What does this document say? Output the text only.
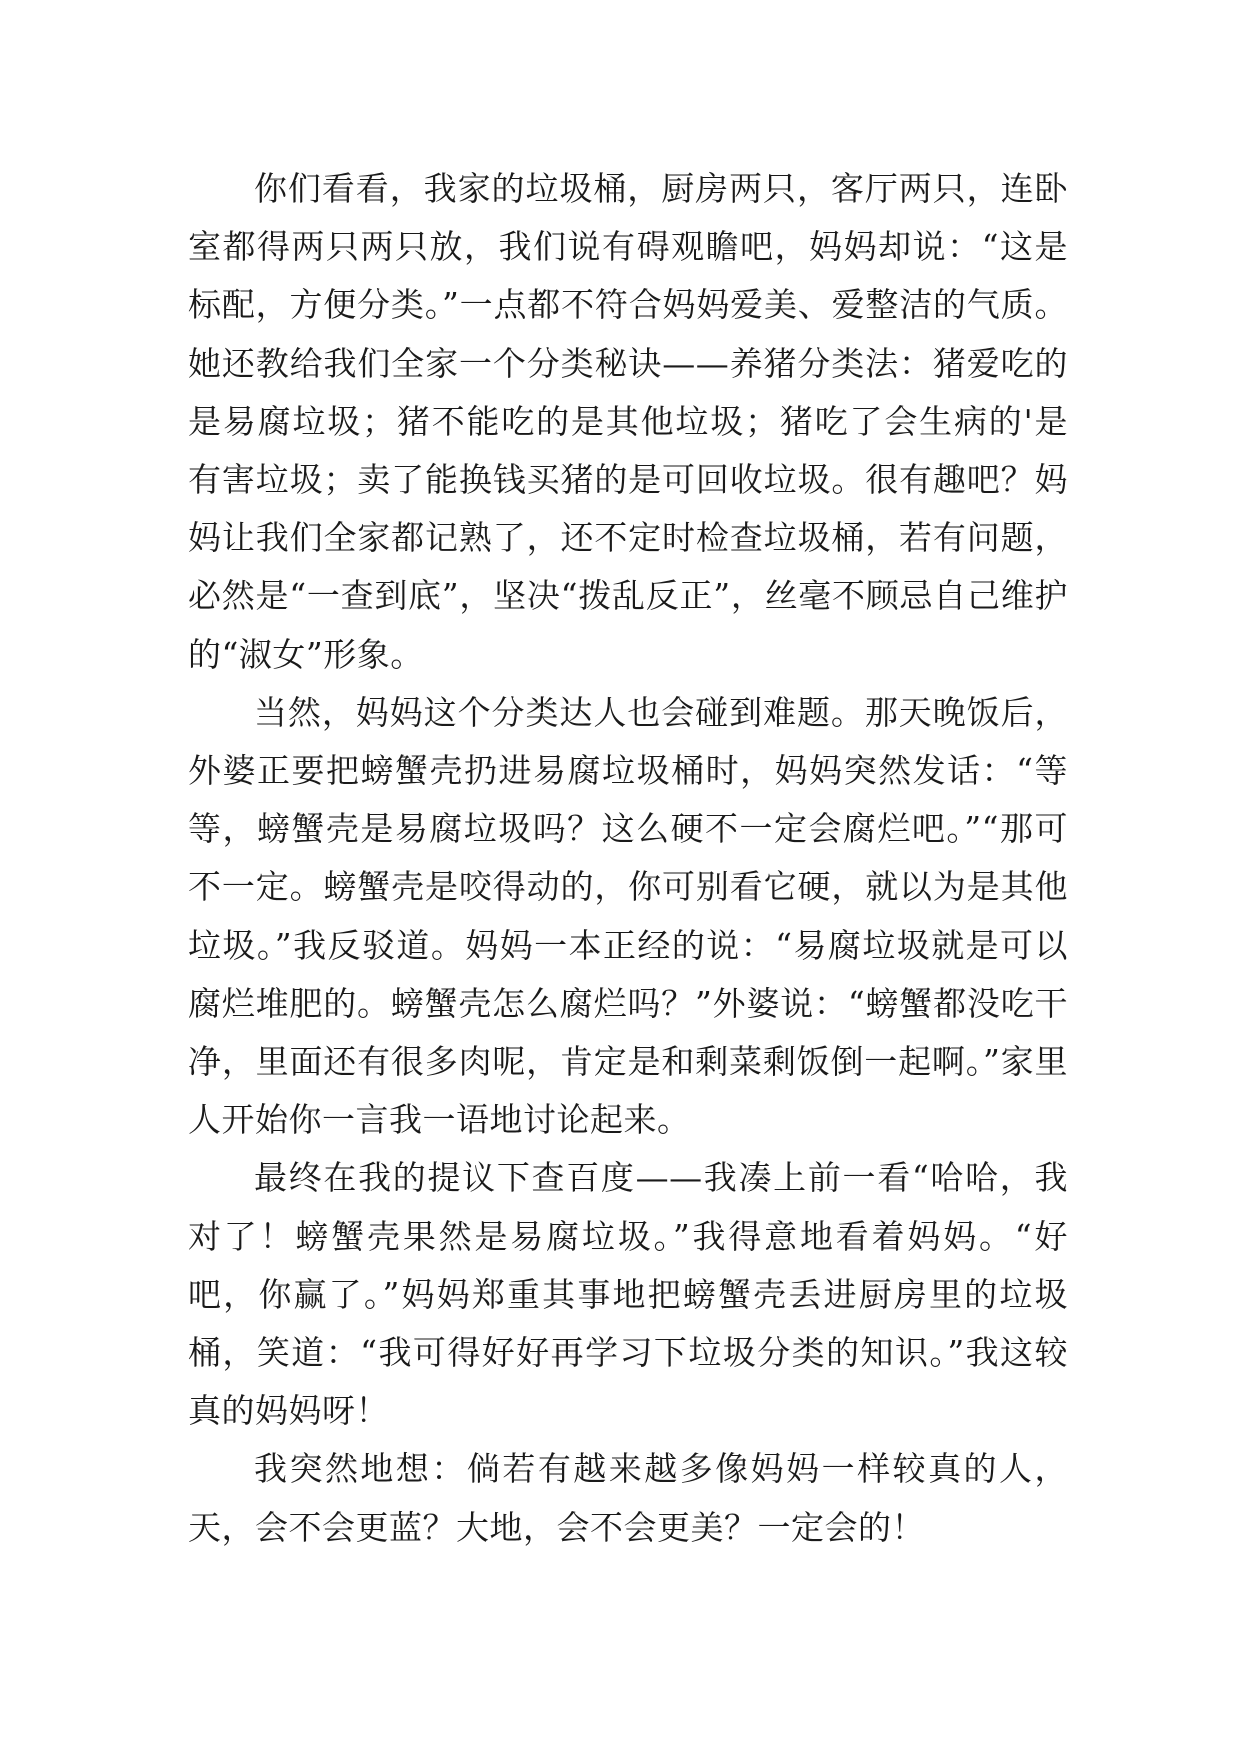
你们看看，我家的垃圾桶，厨房两只，客厅两只，连卧室都得两只两只放，我们说有碍观瞻吧，妈妈却说：“这是标配，方便分类。”一点都不符合妈妈爱美、爱整洁的气质。她还教给我们全家一个分类秘诀——养猪分类法：猪爱吃的是易腐垃圾；猪不能吃的是其他垃圾；猪吃了会生病的'是有害垃圾；卖了能换钱买猪的是可回收垃圾。很有趣吧？妈妈让我们全家都记熟了，还不定时检查垃圾桶，若有问题，必然是“一查到底”，坚决“拨乱反正”，丝毫不顾忌自己维护的“淑女”形象。

当然，妈妈这个分类达人也会碰到难题。那天晚饭后，外婆正要把螃蟹壳扔进易腐垃圾桶时，妈妈突然发话：“等等，螃蟹壳是易腐垃圾吗？这么硬不一定会腐烂吧。”“那可不一定。螃蟹壳是咬得动的，你可别看它硬，就以为是其他垃圾。”我反驳道。妈妈一本正经的说：“易腐垃圾就是可以腐烂堆肥的。螃蟹壳怎么腐烂吗？”外婆说：“螃蟹都没吃干净，里面还有很多肉呢，肯定是和剩菜剩饭倒一起啊。”家里人开始你一言我一语地讨论起来。

最终在我的提议下查百度——我凑上前一看“哈哈，我对了！螃蟹壳果然是易腐垃圾。”我得意地看着妈妈。“好吧，你赢了。”妈妈郑重其事地把螃蟹壳丢进厨房里的垃圾桶，笑道：“我可得好好再学习下垃圾分类的知识。”我这较真的妈妈呀！

我突然地想：倘若有越来越多像妈妈一样较真的人，天，会不会更蓝？大地，会不会更美？一定会的！
